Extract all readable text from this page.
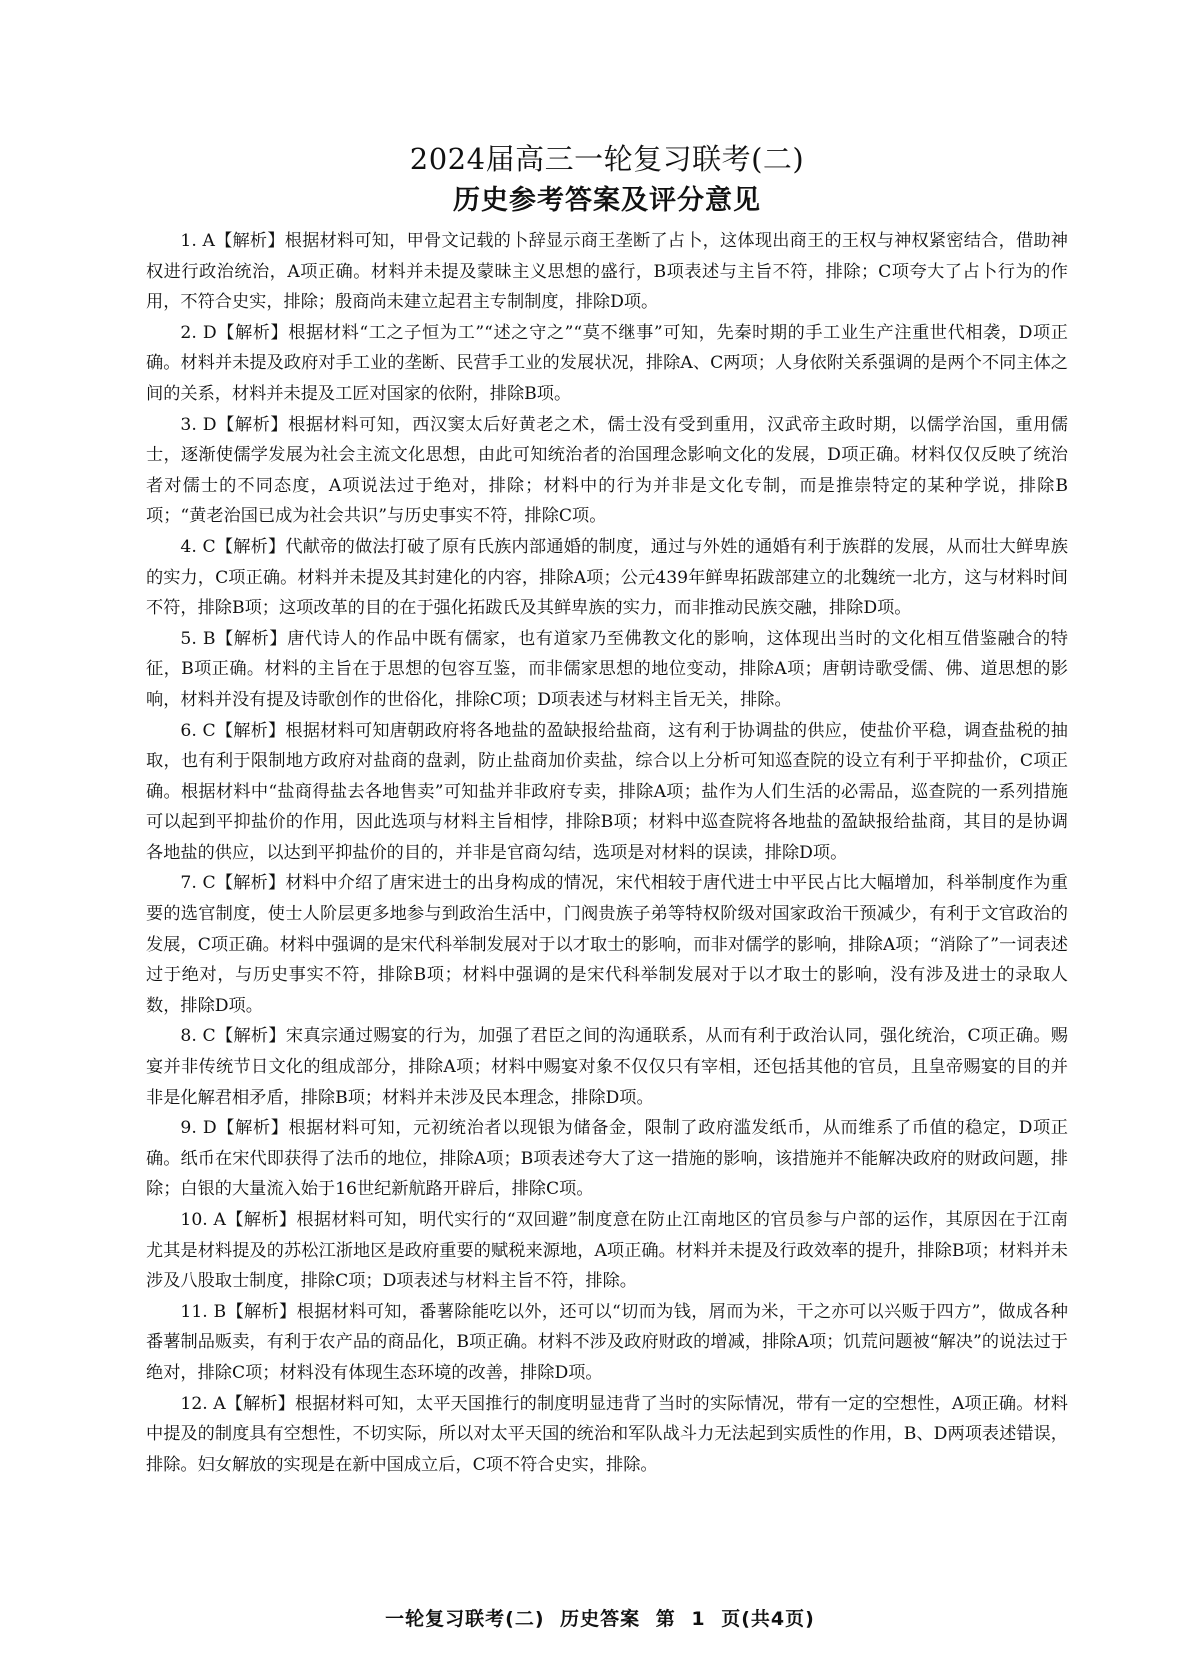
2024届高三一轮复习联考(二)
历史参考答案及评分意见

1. A【解析】根据材料可知，甲骨文记载的卜辞显示商王垄断了占卜，这体现出商王的王权与神权紧密结合，借助神权进行政治统治，A项正确。材料并未提及蒙昧主义思想的盛行，B项表述与主旨不符，排除；C项夸大了占卜行为的作用，不符合史实，排除；殷商尚未建立起君主专制制度，排除D项。

2. D【解析】根据材料“工之子恒为工”“述之守之”“莫不继事”可知，先秦时期的手工业生产注重世代相袭，D项正确。材料并未提及政府对手工业的垄断、民营手工业的发展状况，排除A、C两项；人身依附关系强调的是两个不同主体之间的关系，材料并未提及工匠对国家的依附，排除B项。

3. D【解析】根据材料可知，西汉窦太后好黄老之术，儒士没有受到重用，汉武帝主政时期，以儒学治国，重用儒士，逐渐使儒学发展为社会主流文化思想，由此可知统治者的治国理念影响文化的发展，D项正确。材料仅仅反映了统治者对儒士的不同态度，A项说法过于绝对，排除；材料中的行为并非是文化专制，而是推崇特定的某种学说，排除B项；“黄老治国已成为社会共识”与历史事实不符，排除C项。

4. C【解析】代献帝的做法打破了原有氏族内部通婚的制度，通过与外姓的通婚有利于族群的发展，从而壮大鲜卑族的实力，C项正确。材料并未提及其封建化的内容，排除A项；公元439年鲜卑拓跋部建立的北魏统一北方，这与材料时间不符，排除B项；这项改革的目的在于强化拓跋氏及其鲜卑族的实力，而非推动民族交融，排除D项。

5. B【解析】唐代诗人的作品中既有儒家，也有道家乃至佛教文化的影响，这体现出当时的文化相互借鉴融合的特征，B项正确。材料的主旨在于思想的包容互鉴，而非儒家思想的地位变动，排除A项；唐朝诗歌受儒、佛、道思想的影响，材料并没有提及诗歌创作的世俗化，排除C项；D项表述与材料主旨无关，排除。

6. C【解析】根据材料可知唐朝政府将各地盐的盈缺报给盐商，这有利于协调盐的供应，使盐价平稳，调查盐税的抽取，也有利于限制地方政府对盐商的盘剥，防止盐商加价卖盐，综合以上分析可知巡查院的设立有利于平抑盐价，C项正确。根据材料中“盐商得盐去各地售卖”可知盐并非政府专卖，排除A项；盐作为人们生活的必需品，巡查院的一系列措施可以起到平抑盐价的作用，因此选项与材料主旨相悖，排除B项；材料中巡查院将各地盐的盈缺报给盐商，其目的是协调各地盐的供应，以达到平抑盐价的目的，并非是官商勾结，选项是对材料的误读，排除D项。

7. C【解析】材料中介绍了唐宋进士的出身构成的情况，宋代相较于唐代进士中平民占比大幅增加，科举制度作为重要的选官制度，使士人阶层更多地参与到政治生活中，门阀贵族子弟等特权阶级对国家政治干预减少，有利于文官政治的发展，C项正确。材料中强调的是宋代科举制发展对于以才取士的影响，而非对儒学的影响，排除A项；“消除了”一词表述过于绝对，与历史事实不符，排除B项；材料中强调的是宋代科举制发展对于以才取士的影响，没有涉及进士的录取人数，排除D项。

8. C【解析】宋真宗通过赐宴的行为，加强了君臣之间的沟通联系，从而有利于政治认同，强化统治，C项正确。赐宴并非传统节日文化的组成部分，排除A项；材料中赐宴对象不仅仅只有宰相，还包括其他的官员，且皇帝赐宴的目的并非是化解君相矛盾，排除B项；材料并未涉及民本理念，排除D项。

9. D【解析】根据材料可知，元初统治者以现银为储备金，限制了政府滥发纸币，从而维系了币值的稳定，D项正确。纸币在宋代即获得了法币的地位，排除A项；B项表述夸大了这一措施的影响，该措施并不能解决政府的财政问题，排除；白银的大量流入始于16世纪新航路开辟后，排除C项。

10. A【解析】根据材料可知，明代实行的“双回避”制度意在防止江南地区的官员参与户部的运作，其原因在于江南尤其是材料提及的苏松江浙地区是政府重要的赋税来源地，A项正确。材料并未提及行政效率的提升，排除B项；材料并未涉及八股取士制度，排除C项；D项表述与材料主旨不符，排除。

11. B【解析】根据材料可知，番薯除能吃以外，还可以“切而为钱，屑而为米，干之亦可以兴贩于四方”，做成各种番薯制品贩卖，有利于农产品的商品化，B项正确。材料不涉及政府财政的增减，排除A项；饥荒问题被“解决”的说法过于绝对，排除C项；材料没有体现生态环境的改善，排除D项。

12. A【解析】根据材料可知，太平天国推行的制度明显违背了当时的实际情况，带有一定的空想性，A项正确。材料中提及的制度具有空想性，不切实际，所以对太平天国的统治和军队战斗力无法起到实质性的作用，B、D两项表述错误，排除。妇女解放的实现是在新中国成立后，C项不符合史实，排除。

一轮复习联考(二) 历史答案 第 1 页(共4页)
